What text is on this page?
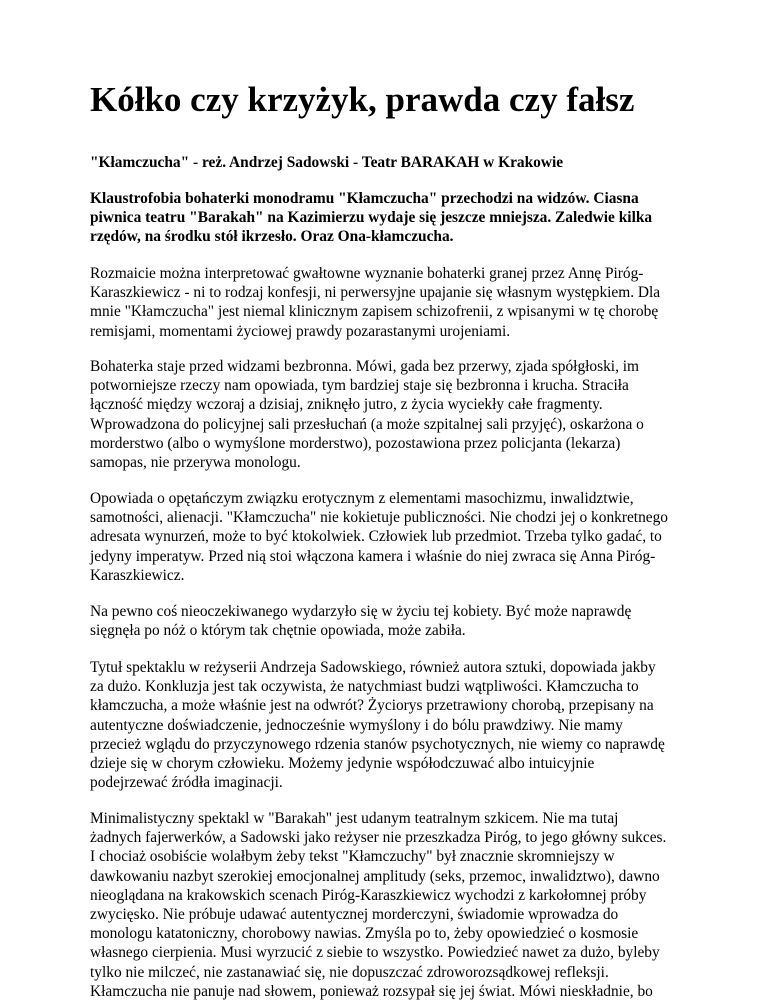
Kółko czy krzyżyk, prawda czy fałsz

"Kłamczucha" - reż. Andrzej Sadowski - Teatr BARAKAH w Krakowie

Klaustrofobia bohaterki monodramu "Kłamczucha" przechodzi na widzów. Ciasna
piwnica teatru "Barakah" na Kazimierzu wydaje się jeszcze mniejsza. Zaledwie kilka
rzędów, na środku stół ikrzesło. Oraz Ona-kłamczucha.

Rozmaicie można interpretować gwałtowne wyznanie bohaterki granej przez Annę Piróg-
Karaszkiewicz - ni to rodzaj konfesji, ni perwersyjne upajanie się własnym występkiem. Dla
mnie "Kłamczucha" jest niemal klinicznym zapisem schizofrenii, z wpisanymi w tę chorobę
remisjami, momentami życiowej prawdy pozarastanymi urojeniami.

Bohaterka staje przed widzami bezbronna. Mówi, gada bez przerwy, zjada spółgłoski, im
potworniejsze rzeczy nam opowiada, tym bardziej staje się bezbronna i krucha. Straciła
łączność między wczoraj a dzisiaj, zniknęło jutro, z życia wyciekły całe fragmenty.
Wprowadzona do policyjnej sali przesłuchań (a może szpitalnej sali przyjęć), oskarżona o
morderstwo (albo o wymyślone morderstwo), pozostawiona przez policjanta (lekarza)
samopas, nie przerywa monologu.

Opowiada o opętańczym związku erotycznym z elementami masochizmu, inwalidztwie,
samotności, alienacji. "Kłamczucha" nie kokietuje publiczności. Nie chodzi jej o konkretnego
adresata wynurzeń, może to być ktokolwiek. Człowiek lub przedmiot. Trzeba tylko gadać, to
jedyny imperatyw. Przed nią stoi włączona kamera i właśnie do niej zwraca się Anna Piróg-
Karaszkiewicz.

Na pewno coś nieoczekiwanego wydarzyło się w życiu tej kobiety. Być może naprawdę
sięgnęła po nóż o którym tak chętnie opowiada, może zabiła.

Tytuł spektaklu w reżyserii Andrzeja Sadowskiego, również autora sztuki, dopowiada jakby
za dużo. Konkluzja jest tak oczywista, że natychmiast budzi wątpliwości. Kłamczucha to
kłamczucha, a może właśnie jest na odwrót? Życiorys przetrawiony chorobą, przepisany na
autentyczne doświadczenie, jednocześnie wymyślony i do bólu prawdziwy. Nie mamy
przecież wglądu do przyczynowego rdzenia stanów psychotycznych, nie wiemy co naprawdę
dzieje się w chorym człowieku. Możemy jedynie współodczuwać albo intuicyjnie
podejrzewać źródła imaginacji.

Minimalistyczny spektakl w "Barakah" jest udanym teatralnym szkicem. Nie ma tutaj
żadnych fajerwerków, a Sadowski jako reżyser nie przeszkadza Piróg, to jego główny sukces.
I chociaż osobiście wolałbym żeby tekst "Kłamczuchy" był znacznie skromniejszy w
dawkowaniu nazbyt szerokiej emocjonalnej amplitudy (seks, przemoc, inwalidztwo), dawno
nieoglądana na krakowskich scenach Piróg-Karaszkiewicz wychodzi z karkołomnej próby
zwycięsko. Nie próbuje udawać autentycznej morderczyni, świadomie wprowadza do
monologu katatoniczny, chorobowy nawias. Zmyśla po to, żeby opowiedzieć o kosmosie
własnego cierpienia. Musi wyrzucić z siebie to wszystko. Powiedzieć nawet za dużo, byleby
tylko nie milczeć, nie zastanawiać się, nie dopuszczać zdroworozsądkowej refleksji.
Kłamczucha nie panuje nad słowem, ponieważ rozsypał się jej świat. Mówi nieskładnie, bo
